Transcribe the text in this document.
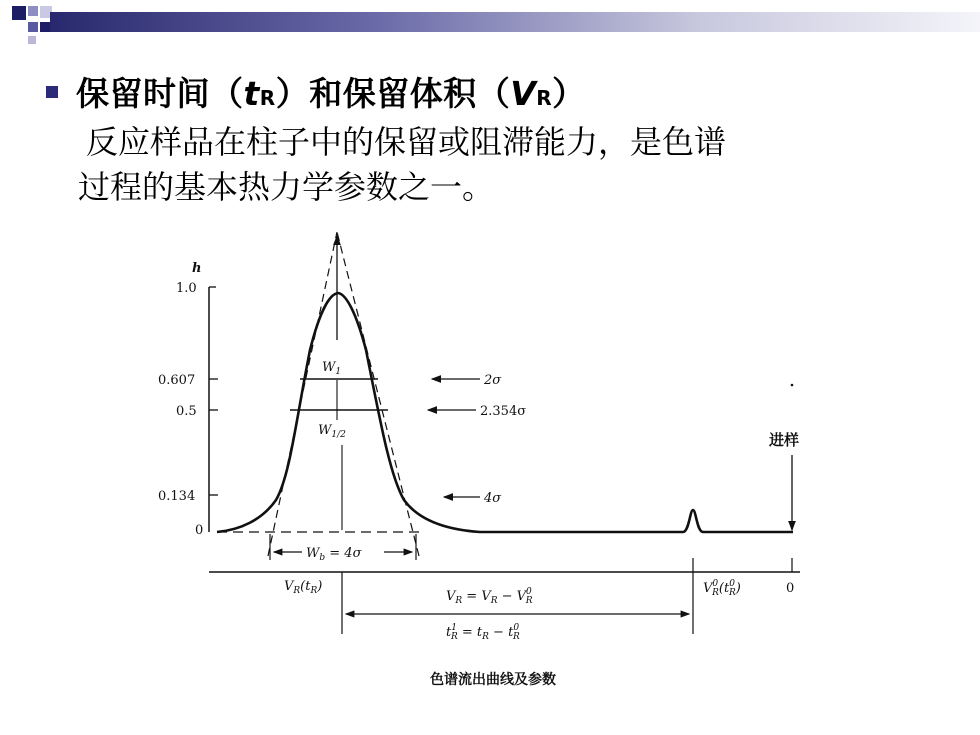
保留时间（ t R ）和保留体积（ V R ）
反应样品在柱子中的保留或阻滞能力，是色谱
过程的基本热力学参数之一。
h
1.0
0.607
0.5
0.134
0
$W_1$
$W_{1/2}$
2σ
2.354σ
4σ
$W_b = 4\sigma$
进样
$V_R(t_R)$	$V^0$ $R(t^0$ R)	0
$V_R = V_R - V^0$ R
$t^1$ $R = t_R - t^0$ R
色谱流出曲线及参数
